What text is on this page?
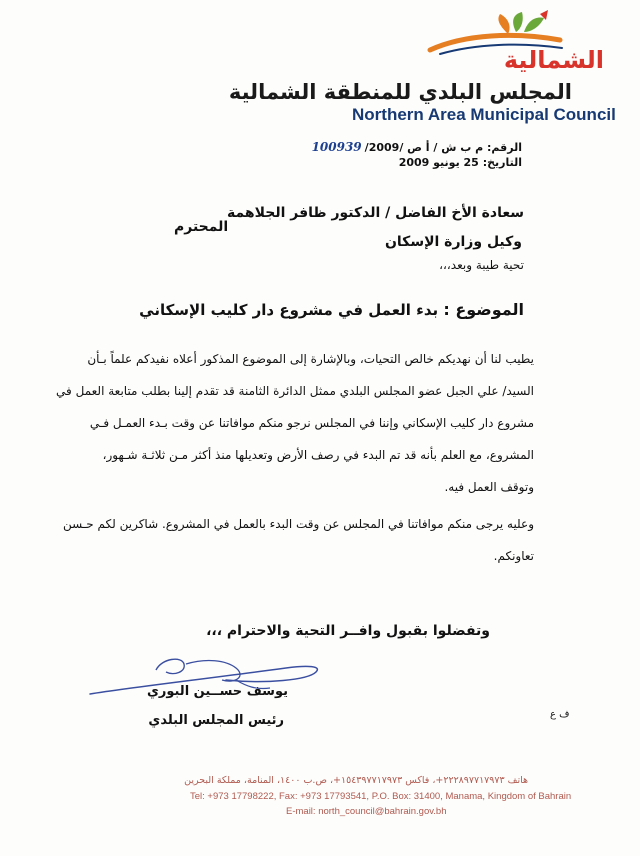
الشمالية
المجلس البلدي للمنطقة الشمالية
Northern Area Municipal Council
الرقم: م ب ش / أ ص /100939 /2009
التاريخ: 25 يونيو 2009
سعادة الأخ الفاضل / الدكتور ظافر الجلاهمة
المحترم
وكيل وزارة الإسكان
تحية طيبة وبعد،،،
الموضوع : بدء العمل في مشروع دار كليب الإسكاني
يطيب لنا أن نهديكم خالص التحيات، وبالإشارة إلى الموضوع المذكور أعلاه نفيدكم علماً بـأن
السيد/ علي الجبل عضو المجلس البلدي ممثل الدائرة الثامنة قد تقدم إلينا بطلب متابعة العمل في
مشروع دار كليب الإسكاني وإننا في المجلس نرجو منكم موافاتنا عن وقت بـدء العمـل فـي
المشروع، مع العلم بأنه قد تم البدء في رصف الأرض وتعديلها منذ أكثر مـن ثلاثـة شـهور،
وتوقف العمل فيه.
وعليه يرجى منكم موافاتنا في المجلس عن وقت البدء بالعمل في المشروع. شاكرين لكم حـسن
تعاونكم.
وتفضلوا بقبول وافــر التحية والاحترام ،،،
يوسف حســين البوري
رئيس المجلس البلدي	ف ع
هاتف ٢٢٢٨٩٧٧١٧٩٧٣+، فاكس ١٥٤٣٩٧٧١٧٩٧٣+، ص.ب ١٤٠٠، المنامة، مملكة البحرين
Tel: +973 17798222, Fax: +973 17793541, P.O. Box: 31400, Manama, Kingdom of Bahrain
E-mail: north_council@bahrain.gov.bh
